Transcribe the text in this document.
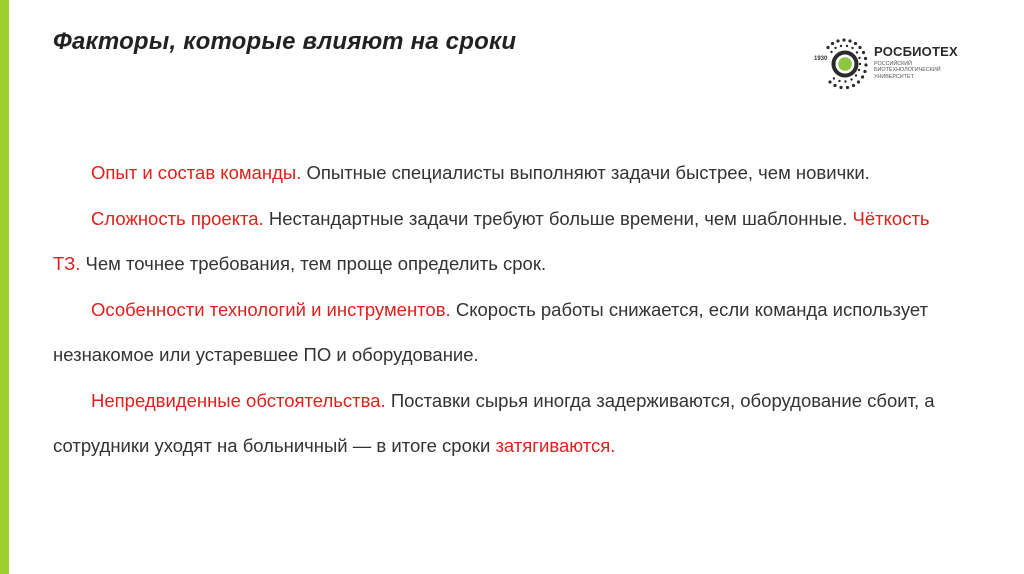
Факторы, которые влияют на сроки
1930	РОСБИОТЕХ
РОССИЙСКИЙ БИОТЕХНОЛОГИЧЕСКИЙ УНИВЕРСИТЕТ

Опыт и состав команды. Опытные специалисты выполняют задачи быстрее, чем новички.

Сложность проекта. Нестандартные задачи требуют больше времени, чем шаблонные. Чёткость ТЗ. Чем точнее требования, тем проще определить срок.

Особенности технологий и инструментов. Скорость работы снижается, если команда использует незнакомое или устаревшее ПО и оборудование.

Непредвиденные обстоятельства. Поставки сырья иногда задерживаются, оборудование сбоит, а сотрудники уходят на больничный — в итоге сроки затягиваются.
